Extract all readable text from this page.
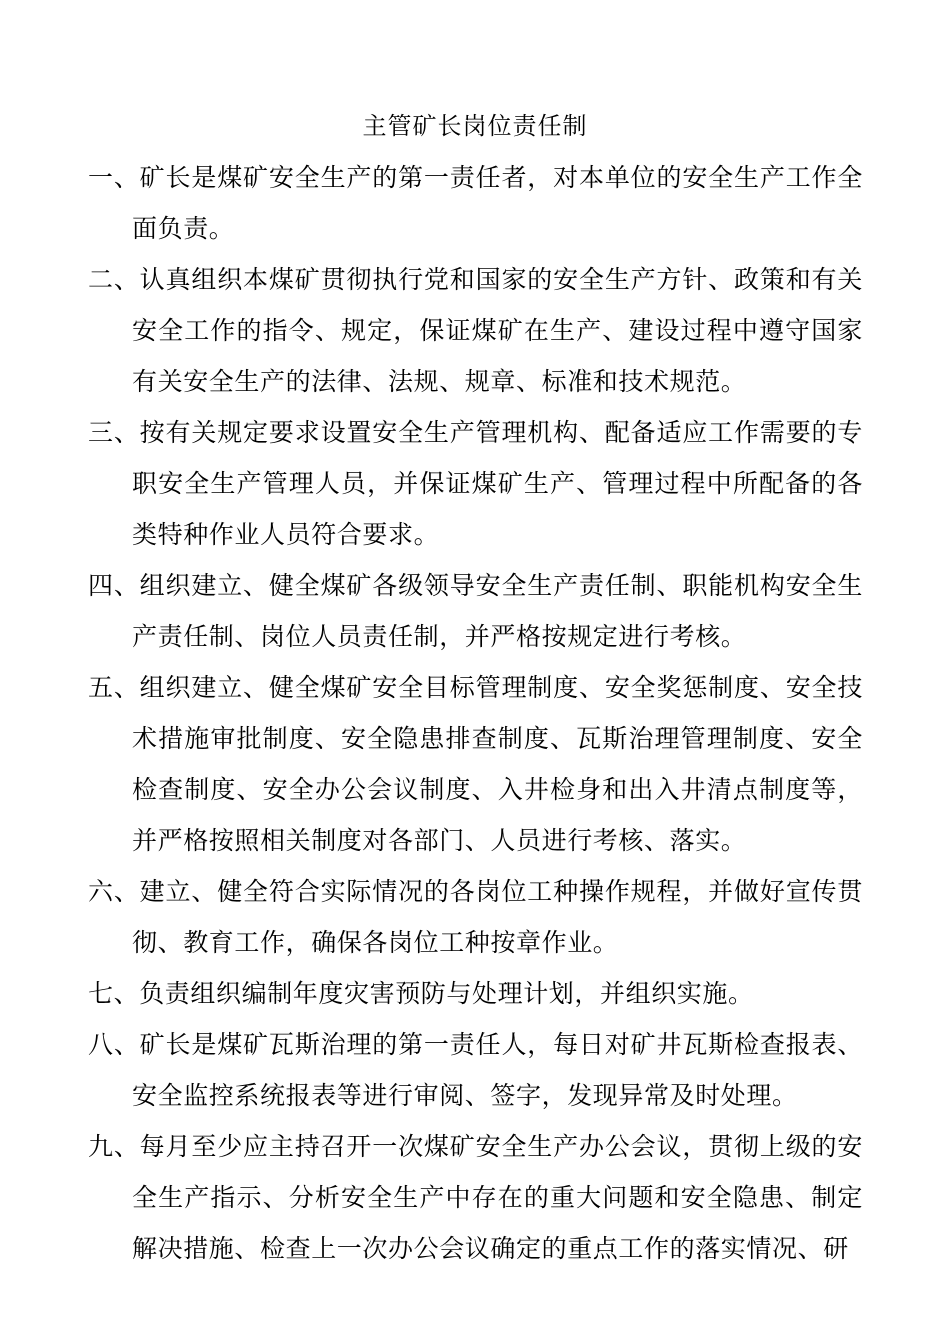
主管矿长岗位责任制
一、矿长是煤矿安全生产的第一责任者，对本单位的安全生产工作全面负责。
二、认真组织本煤矿贯彻执行党和国家的安全生产方针、政策和有关安全工作的指令、规定，保证煤矿在生产、建设过程中遵守国家有关安全生产的法律、法规、规章、标准和技术规范。
三、按有关规定要求设置安全生产管理机构、配备适应工作需要的专职安全生产管理人员，并保证煤矿生产、管理过程中所配备的各类特种作业人员符合要求。
四、组织建立、健全煤矿各级领导安全生产责任制、职能机构安全生产责任制、岗位人员责任制，并严格按规定进行考核。
五、组织建立、健全煤矿安全目标管理制度、安全奖惩制度、安全技术措施审批制度、安全隐患排查制度、瓦斯治理管理制度、安全检查制度、安全办公会议制度、入井检身和出入井清点制度等，并严格按照相关制度对各部门、人员进行考核、落实。
六、建立、健全符合实际情况的各岗位工种操作规程，并做好宣传贯彻、教育工作，确保各岗位工种按章作业。
七、负责组织编制年度灾害预防与处理计划，并组织实施。
八、矿长是煤矿瓦斯治理的第一责任人，每日对矿井瓦斯检查报表、安全监控系统报表等进行审阅、签字，发现异常及时处理。
九、每月至少应主持召开一次煤矿安全生产办公会议，贯彻上级的安全生产指示、分析安全生产中存在的重大问题和安全隐患、制定解决措施、检查上一次办公会议确定的重点工作的落实情况、研
